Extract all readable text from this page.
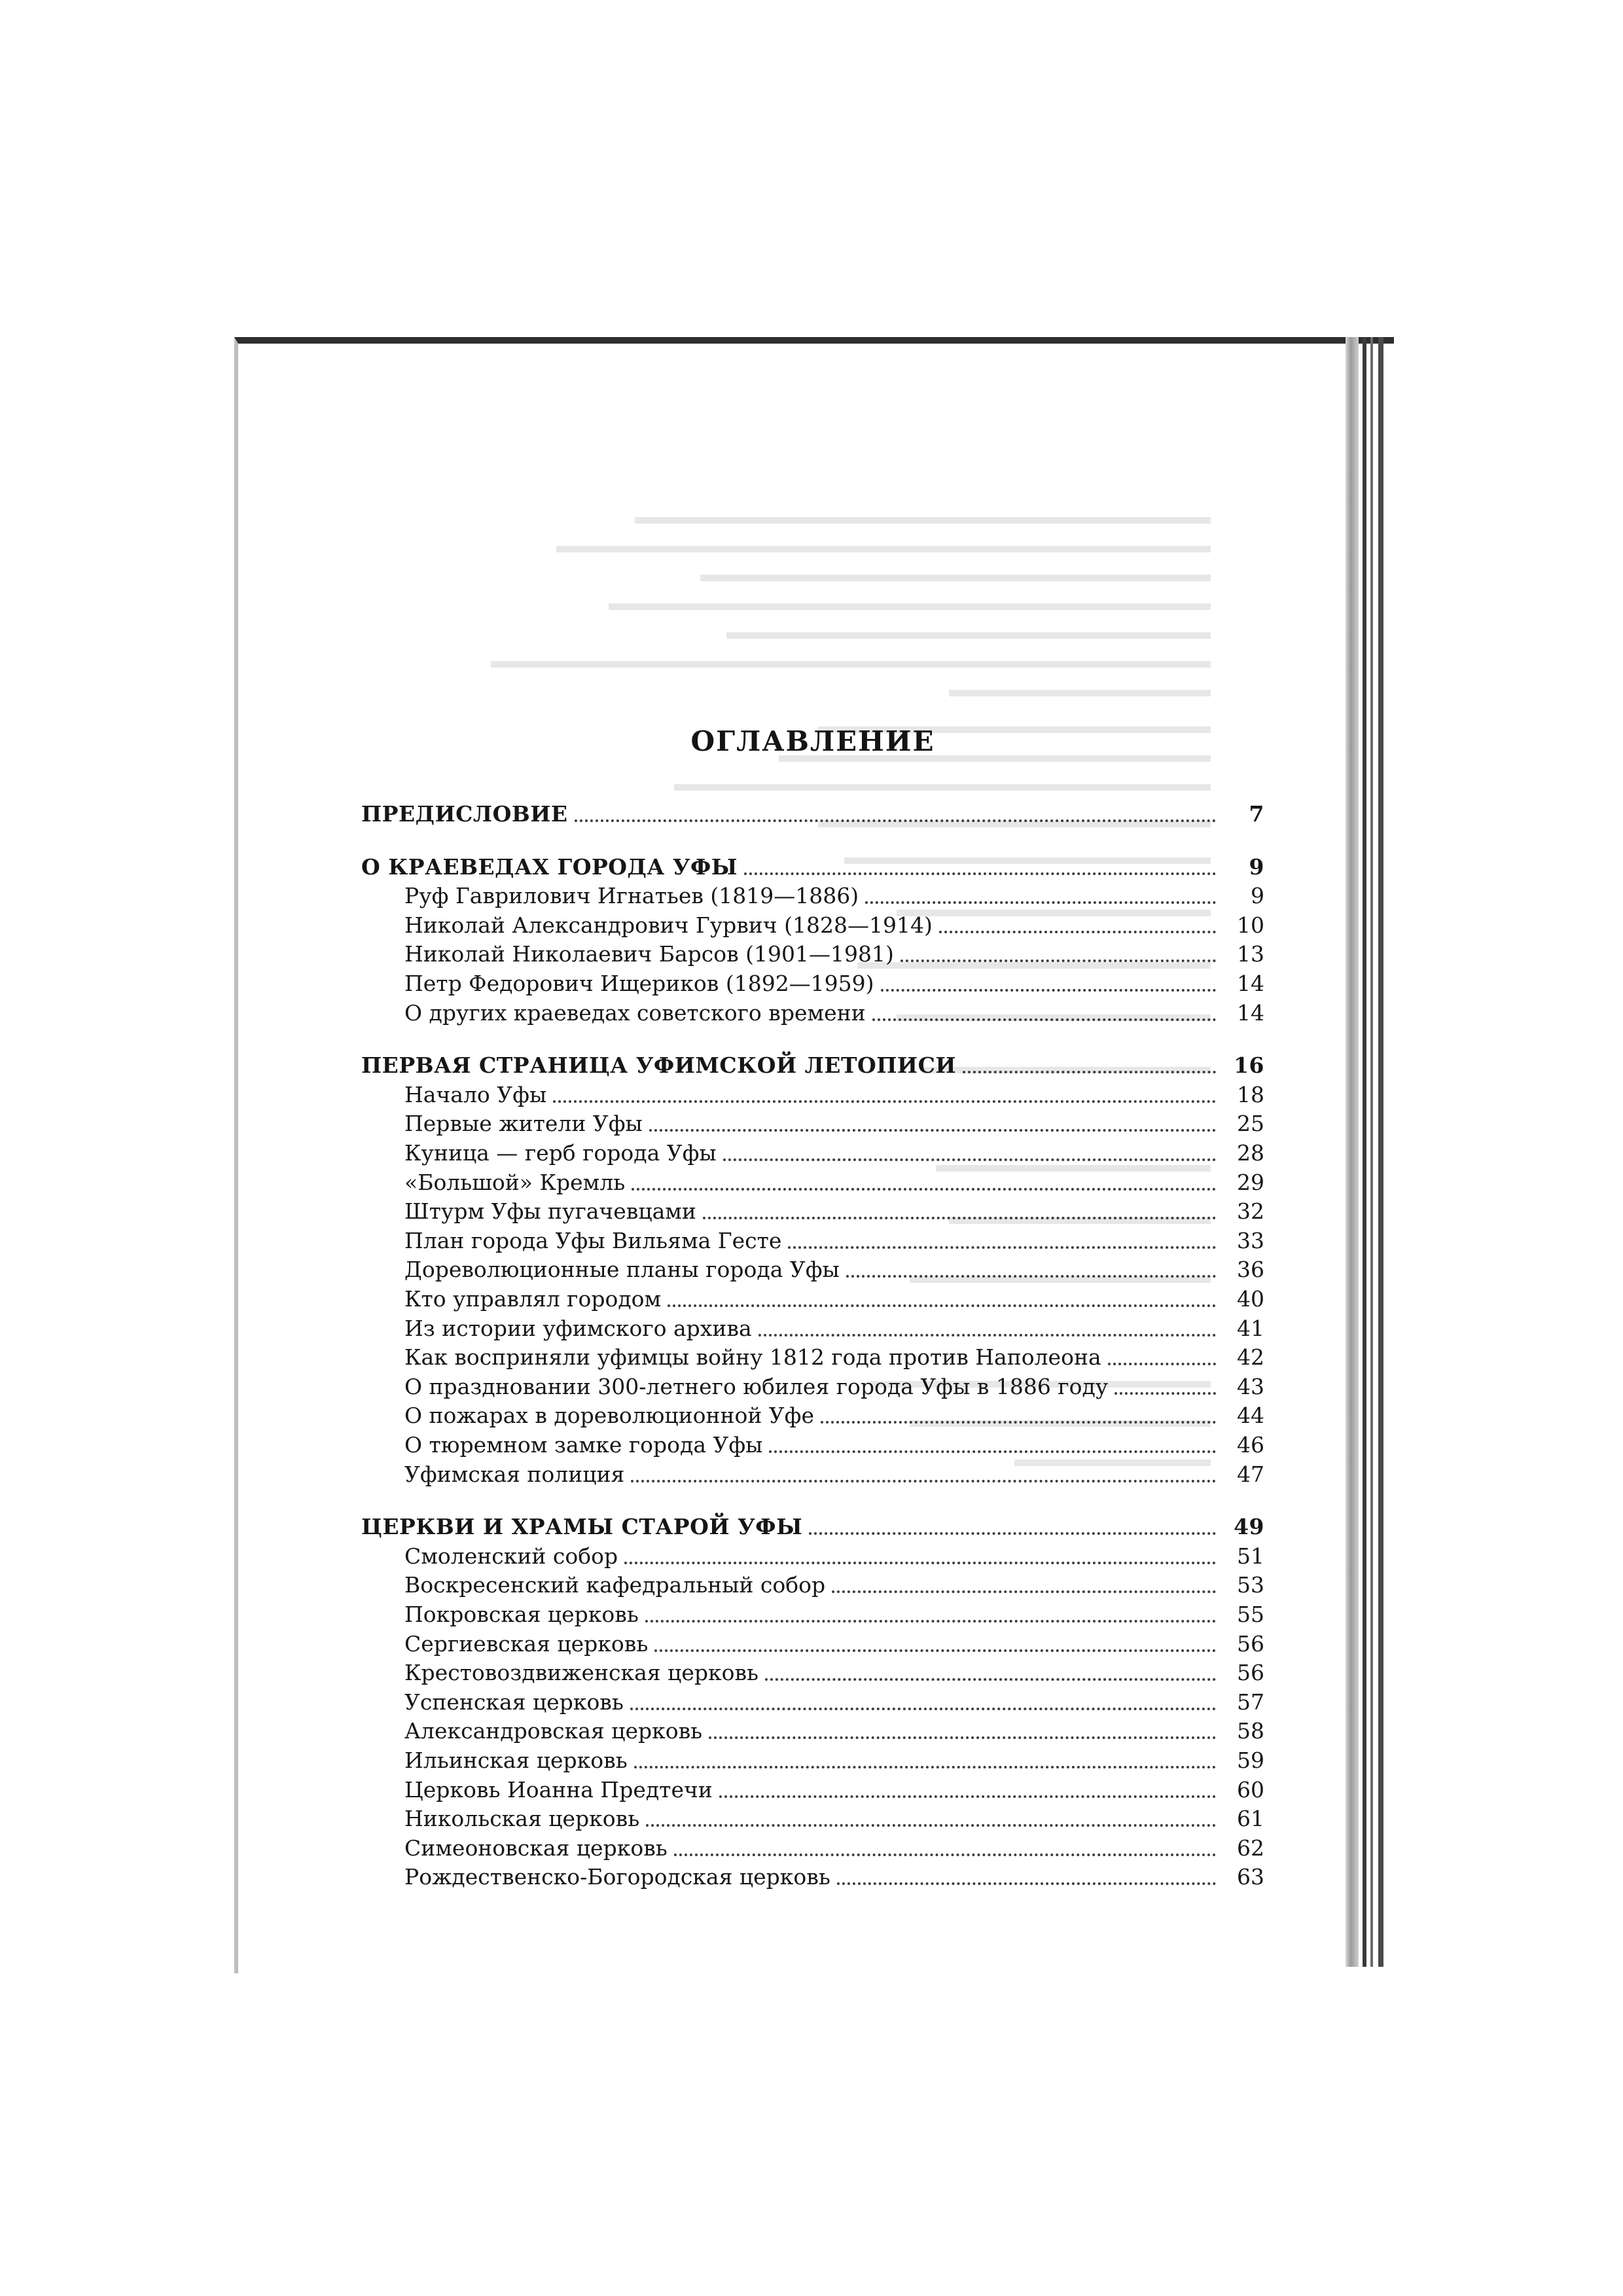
ОГЛАВЛЕНИЕ
ПРЕДИСЛОВИЕ	7
О КРАЕВЕДАХ ГОРОДА УФЫ	9
Руф Гаврилович Игнатьев (1819—1886)	9
Николай Александрович Гурвич (1828—1914)	10
Николай Николаевич Барсов (1901—1981)	13
Петр Федорович Ищериков (1892—1959)	14
О других краеведах советского времени	14
ПЕРВАЯ СТРАНИЦА УФИМСКОЙ ЛЕТОПИСИ	16
Начало Уфы	18
Первые жители Уфы	25
Куница — герб города Уфы	28
«Большой» Кремль	29
Штурм Уфы пугачевцами	32
План города Уфы Вильяма Гесте	33
Дореволюционные планы города Уфы	36
Кто управлял городом	40
Из истории уфимского архива	41
Как восприняли уфимцы войну 1812 года против Наполеона	42
О праздновании 300-летнего юбилея города Уфы в 1886 году	43
О пожарах в дореволюционной Уфе	44
О тюремном замке города Уфы	46
Уфимская полиция	47
ЦЕРКВИ И ХРАМЫ СТАРОЙ УФЫ	49
Смоленский собор	51
Воскресенский кафедральный собор	53
Покровская церковь	55
Сергиевская церковь	56
Крестовоздвиженская церковь	56
Успенская церковь	57
Александровская церковь	58
Ильинская церковь	59
Церковь Иоанна Предтечи	60
Никольская церковь	61
Симеоновская церковь	62
Рождественско-Богородская церковь	63
